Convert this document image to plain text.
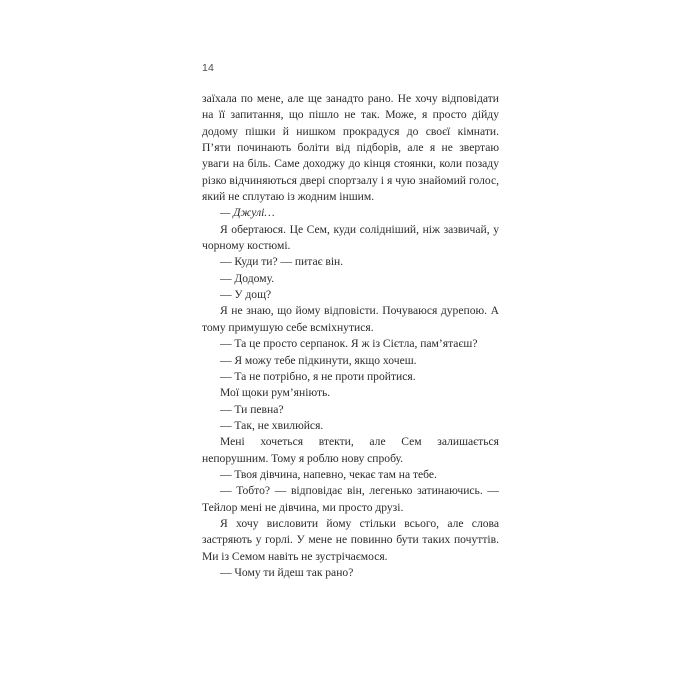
14

заїхала по мене, але ще занадто рано. Не хочу відповідати на її запитання, що пішло не так. Може, я просто дійду додому пішки й нишком прокрадуся до своєї кімнати. П’яти починають боліти від підборів, але я не звертаю уваги на біль. Саме доходжу до кінця стоянки, коли позаду різко відчиняються двері спортзалу і я чую знайомий голос, який не сплутаю із жодним іншим.

— Джулі…

Я обертаюся. Це Сем, куди солідніший, ніж зазвичай, у чорному костюмі.

— Куди ти? — питає він.

— Додому.

— У дощ?

Я не знаю, що йому відповісти. Почуваюся дурепою. А тому примушую себе всміхнутися.

— Та це просто серпанок. Я ж із Сієтла, пам’ятаєш?

— Я можу тебе підкинути, якщо хочеш.

— Та не потрібно, я не проти пройтися.

Мої щоки рум’яніють.

— Ти певна?

— Так, не хвилюйся.

Мені хочеться втекти, але Сем залишається непорушним. Тому я роблю нову спробу.

— Твоя дівчина, напевно, чекає там на тебе.

— Тобто? — відповідає він, легенько затинаючись. — Тейлор мені не дівчина, ми просто друзі.

Я хочу висловити йому стільки всього, але слова застряють у горлі. У мене не повинно бути таких почуттів. Ми із Семом навіть не зустрічаємося.

— Чому ти йдеш так рано?
